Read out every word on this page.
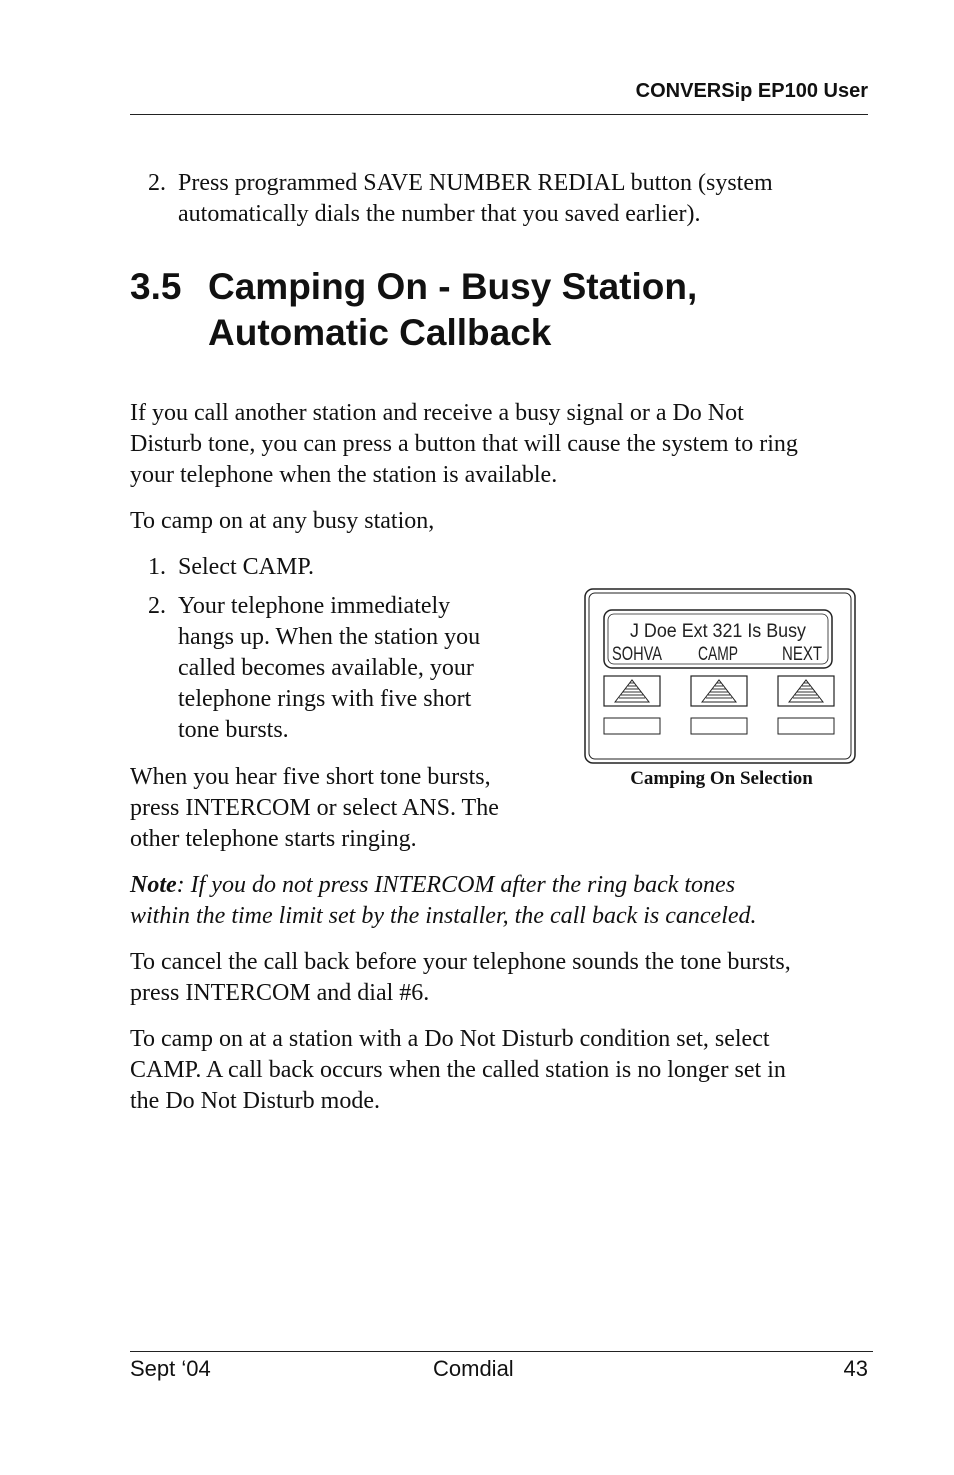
CONVERSip EP100 User
2. Press programmed SAVE NUMBER REDIAL button (system
automatically dials the number that you saved earlier).
3.5 Camping On - Busy Station,
Automatic Callback
If you call another station and receive a busy signal or a Do Not
Disturb tone, you can press a button that will cause the system to ring
your telephone when the station is available.
To camp on at any busy station,
1. Select CAMP.
2. Your telephone immediately
hangs up. When the station you
called becomes available, your
telephone rings with five short
tone bursts.
When you hear five short tone bursts,
press INTERCOM or select ANS. The
other telephone starts ringing.
J Doe Ext 321 Is Busy
SOHVA CAMP NEXT
Camping On Selection
Note: If you do not press INTERCOM after the ring back tones
within the time limit set by the installer, the call back is canceled.
To cancel the call back before your telephone sounds the tone bursts,
press INTERCOM and dial #6.
To camp on at a station with a Do Not Disturb condition set, select
CAMP. A call back occurs when the called station is no longer set in
the Do Not Disturb mode.
Sept ‘04	Comdial	43
